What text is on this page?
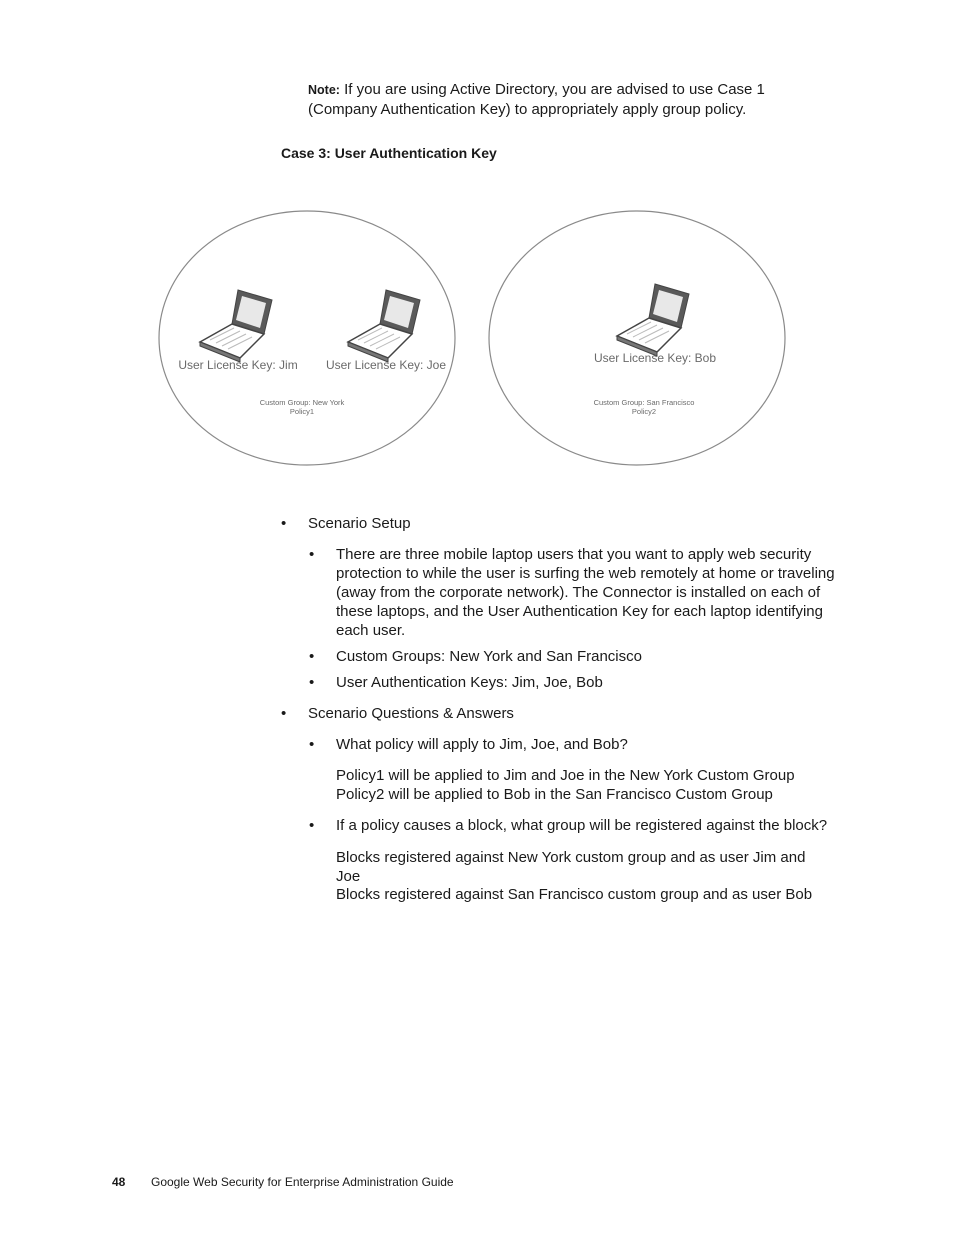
Note: If you are using Active Directory, you are advised to use Case 1 (Company Authentication Key) to appropriately apply group policy.
Case 3: User Authentication Key
User License Key: Jim User License Key: Joe
Custom Group: New York
Policy1
User License Key: Bob
Custom Group: San Francisco
Policy2
• Scenario Setup
• There are three mobile laptop users that you want to apply web security protection to while the user is surfing the web remotely at home or traveling (away from the corporate network). The Connector is installed on each of these laptops, and the User Authentication Key for each laptop identifying each user.
• Custom Groups: New York and San Francisco
• User Authentication Keys: Jim, Joe, Bob
• Scenario Questions & Answers
• What policy will apply to Jim, Joe, and Bob?
Policy1 will be applied to Jim and Joe in the New York Custom Group
Policy2 will be applied to Bob in the San Francisco Custom Group
• If a policy causes a block, what group will be registered against the block?
Blocks registered against New York custom group and as user Jim and Joe
Blocks registered against San Francisco custom group and as user Bob
48 Google Web Security for Enterprise Administration Guide
